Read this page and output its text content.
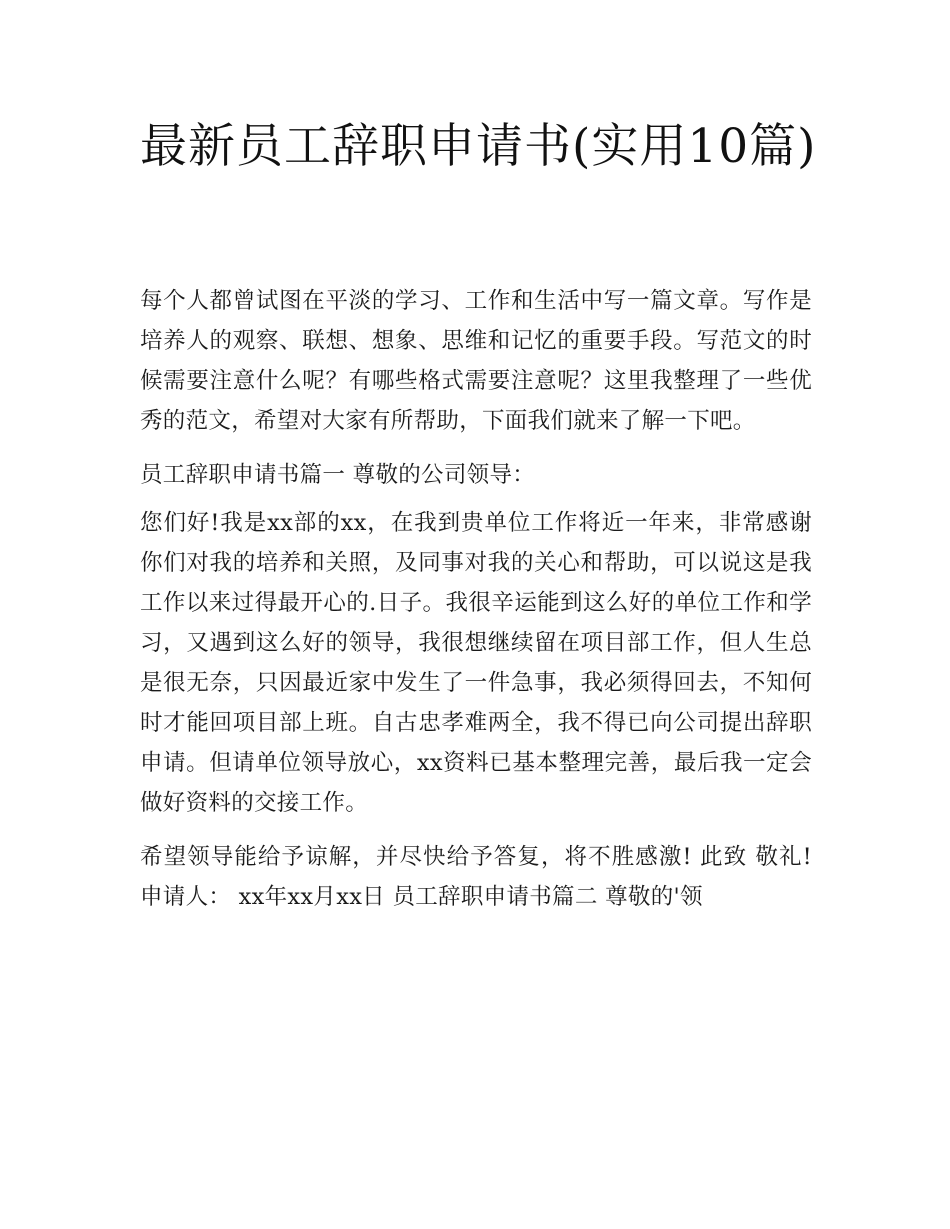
最新员工辞职申请书(实用10篇)

每个人都曾试图在平淡的学习、工作和生活中写一篇文章。写作是培养人的观察、联想、想象、思维和记忆的重要手段。写范文的时候需要注意什么呢？有哪些格式需要注意呢？这里我整理了一些优秀的范文，希望对大家有所帮助，下面我们就来了解一下吧。

员工辞职申请书篇一 尊敬的公司领导：

您们好!我是xx部的xx，在我到贵单位工作将近一年来，非常感谢你们对我的培养和关照，及同事对我的关心和帮助，可以说这是我工作以来过得最开心的.日子。我很辛运能到这么好的单位工作和学习，又遇到这么好的领导，我很想继续留在项目部工作，但人生总是很无奈，只因最近家中发生了一件急事，我必须得回去，不知何时才能回项目部上班。自古忠孝难两全，我不得已向公司提出辞职申请。但请单位领导放心，xx资料已基本整理完善，最后我一定会做好资料的交接工作。

希望领导能给予谅解，并尽快给予答复，将不胜感激! 此致 敬礼! 申请人： xx年xx月xx日 员工辞职申请书篇二 尊敬的'领
